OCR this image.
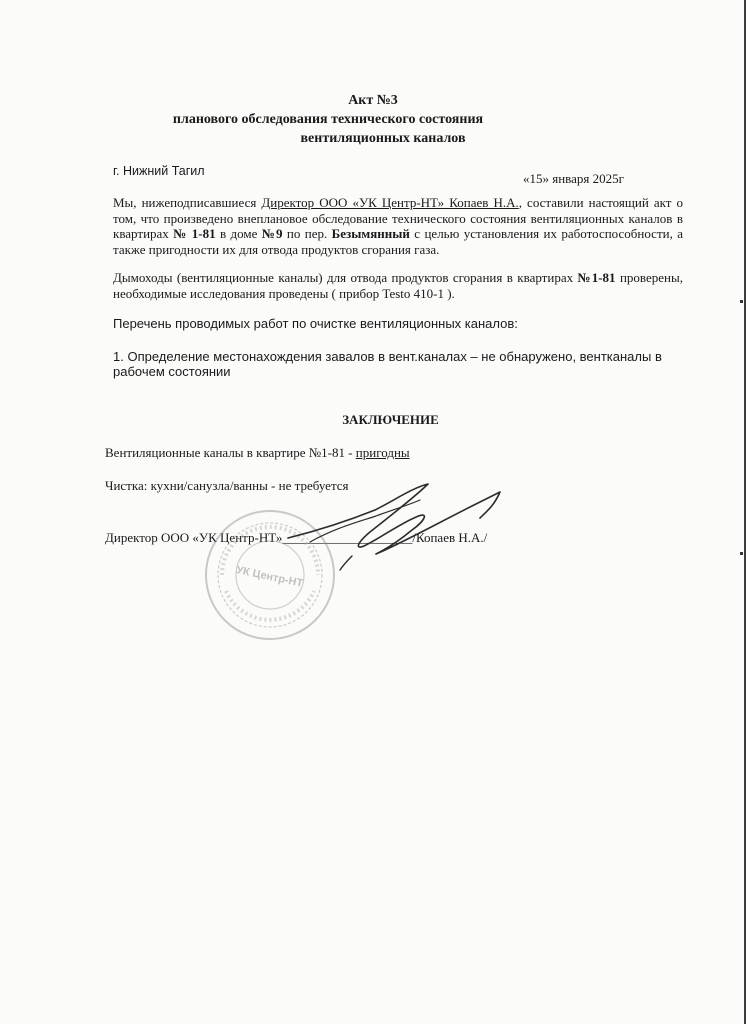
Акт №3
планового обследования технического состояния
вентиляционных каналов
г. Нижний Тагил	«15» января 2025г
Мы, нижеподписавшиеся Директор ООО «УК Центр-НТ» Копаев Н.А., составили настоящий акт о том, что произведено внеплановое обследование технического состояния вентиляционных каналов в квартирах № 1-81 в доме №9 по пер. Безымянный с целью установления их работоспособности, а также пригодности их для отвода продуктов сгорания газа.
Дымоходы (вентиляционные каналы) для отвода продуктов сгорания в квартирах №1-81 проверены, необходимые исследования проведены ( прибор Testo 410-1 ).
Перечень проводимых работ по очистке вентиляционных каналов:
1. Определение местонахождения завалов в вент.каналах – не обнаружено, вентканалы в рабочем состоянии
ЗАКЛЮЧЕНИЕ
Вентиляционные каналы в квартире №1-81 - пригодны
Чистка: кухни/санузла/ванны - не требуется
Директор ООО «УК Центр-НТ»____________________/Копаев Н.А./
УК Центр-НТ
